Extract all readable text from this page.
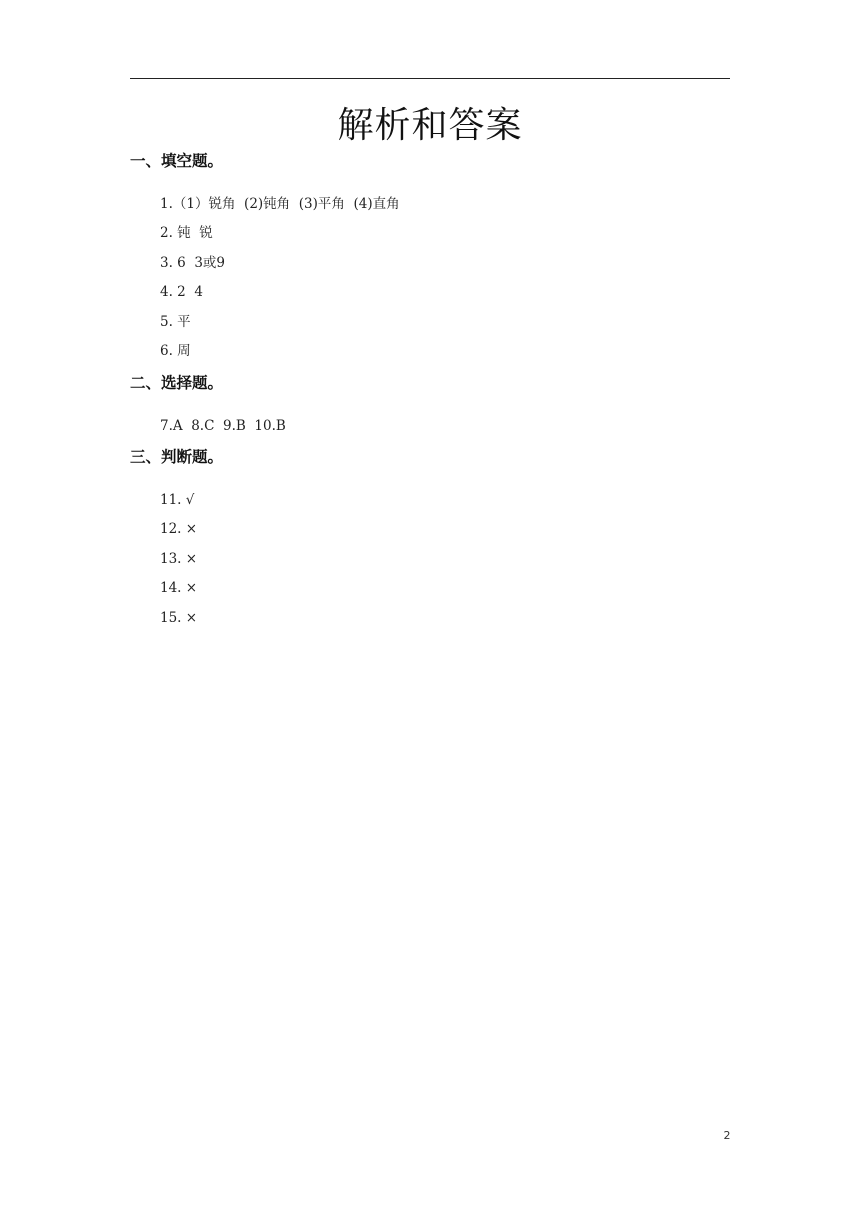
解析和答案
一、填空题。
1.（1）锐角  (2)钝角  (3)平角  (4)直角
2. 钝  锐
3. 6  3或9
4. 2  4
5. 平
6. 周
二、选择题。
7.A  8.C  9.B  10.B
三、判断题。
11. √
12. ×
13. ×
14. ×
15. ×
2
